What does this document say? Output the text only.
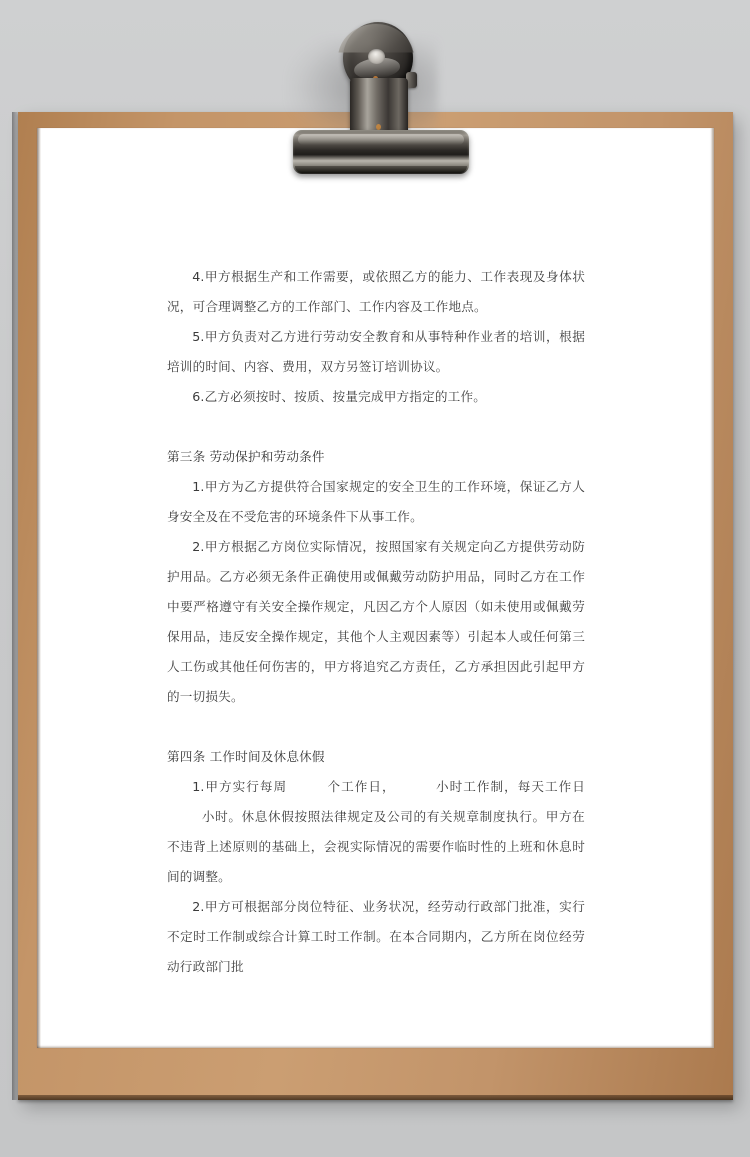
4.甲方根据生产和工作需要，或依照乙方的能力、工作表现及身体状况，可合理调整乙方的工作部门、工作内容及工作地点。

5.甲方负责对乙方进行劳动安全教育和从事特种作业者的培训，根据培训的时间、内容、费用，双方另签订培训协议。

6.乙方必须按时、按质、按量完成甲方指定的工作。

第三条 劳动保护和劳动条件

1.甲方为乙方提供符合国家规定的安全卫生的工作环境，保证乙方人身安全及在不受危害的环境条件下从事工作。

2.甲方根据乙方岗位实际情况，按照国家有关规定向乙方提供劳动防护用品。乙方必须无条件正确使用或佩戴劳动防护用品，同时乙方在工作中要严格遵守有关安全操作规定，凡因乙方个人原因（如未使用或佩戴劳保用品，违反安全操作规定，其他个人主观因素等）引起本人或任何第三人工伤或其他任何伤害的，甲方将追究乙方责任，乙方承担因此引起甲方的一切损失。

第四条 工作时间及休息休假

1.甲方实行每周	个工作日，	小时工作制，每天工作日  小时。休息休假按照法律规定及公司的有关规章制度执行。甲方在不违背上述原则的基础上，会视实际情况的需要作临时性的上班和休息时间的调整。

2.甲方可根据部分岗位特征、业务状况，经劳动行政部门批准，实行不定时工作制或综合计算工时工作制。在本合同期内，乙方所在岗位经劳动行政部门批
